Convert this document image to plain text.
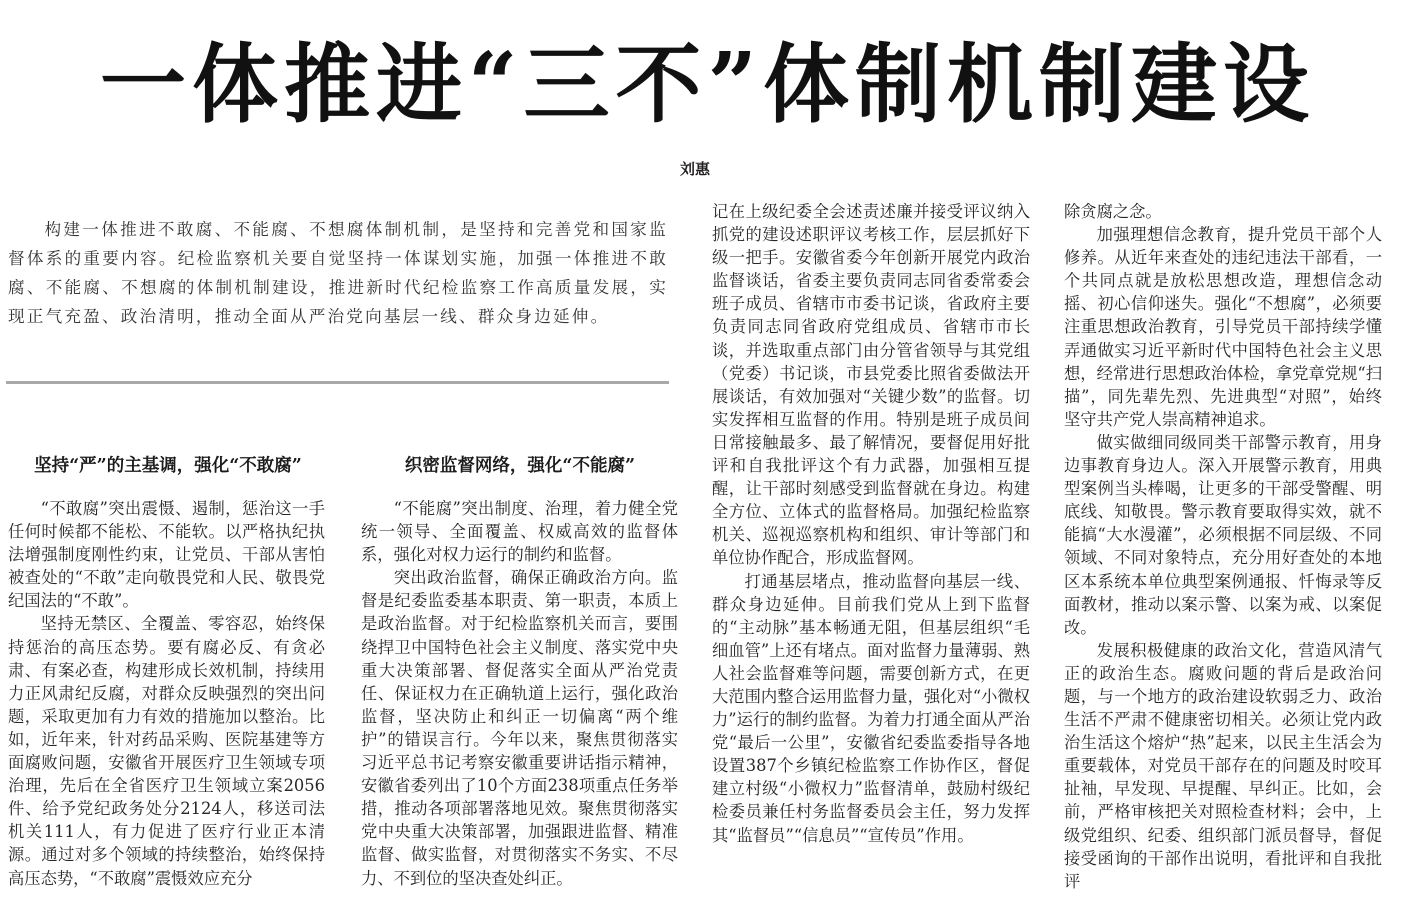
一体推进“三不”体制机制建设
刘惠

构建一体推进不敢腐、不能腐、不想腐体制机制，是坚持和完善党和国家监督体系的重要内容。纪检监察机关要自觉坚持一体谋划实施，加强一体推进不敢腐、不能腐、不想腐的体制机制建设，推进新时代纪检监察工作高质量发展，实现正气充盈、政治清明，推动全面从严治党向基层一线、群众身边延伸。

坚持“严”的主基调，强化“不敢腐”	织密监督网络，强化“不能腐”

“不敢腐”突出震慑、遏制，惩治这一手任何时候都不能松、不能软。以严格执纪执法增强制度刚性约束，让党员、干部从害怕被查处的“不敢”走向敬畏党和人民、敬畏党纪国法的“不敢”。

坚持无禁区、全覆盖、零容忍，始终保持惩治的高压态势。要有腐必反、有贪必肃、有案必查，构建形成长效机制，持续用力正风肃纪反腐，对群众反映强烈的突出问题，采取更加有力有效的措施加以整治。比如，近年来，针对药品采购、医院基建等方面腐败问题，安徽省开展医疗卫生领域专项治理，先后在全省医疗卫生领域立案2056件、给予党纪政务处分2124人，移送司法机关111人，有力促进了医疗行业正本清源。通过对多个领域的持续整治，始终保持高压态势，“不敢腐”震慑效应充分

“不能腐”突出制度、治理，着力健全党统一领导、全面覆盖、权威高效的监督体系，强化对权力运行的制约和监督。

突出政治监督，确保正确政治方向。监督是纪委监委基本职责、第一职责，本质上是政治监督。对于纪检监察机关而言，要围绕捍卫中国特色社会主义制度、落实党中央重大决策部署、督促落实全面从严治党责任、保证权力在正确轨道上运行，强化政治监督，坚决防止和纠正一切偏离“两个维护”的错误言行。今年以来，聚焦贯彻落实习近平总书记考察安徽重要讲话指示精神，安徽省委列出了10个方面238项重点任务举措，推动各项部署落地见效。聚焦贯彻落实党中央重大决策部署，加强跟进监督、精准监督、做实监督，对贯彻落实不务实、不尽力、不到位的坚决查处纠正。

记在上级纪委全会述责述廉并接受评议纳入抓党的建设述职评议考核工作，层层抓好下级一把手。安徽省委今年创新开展党内政治监督谈话，省委主要负责同志同省委常委会班子成员、省辖市市委书记谈，省政府主要负责同志同省政府党组成员、省辖市市长谈，并选取重点部门由分管省领导与其党组（党委）书记谈，市县党委比照省委做法开展谈话，有效加强对“关键少数”的监督。切实发挥相互监督的作用。特别是班子成员间日常接触最多、最了解情况，要督促用好批评和自我批评这个有力武器，加强相互提醒，让干部时刻感受到监督就在身边。构建全方位、立体式的监督格局。加强纪检监察机关、巡视巡察机构和组织、审计等部门和单位协作配合，形成监督网。

打通基层堵点，推动监督向基层一线、群众身边延伸。目前我们党从上到下监督的“主动脉”基本畅通无阻，但基层组织“毛细血管”上还有堵点。面对监督力量薄弱、熟人社会监督难等问题，需要创新方式，在更大范围内整合运用监督力量，强化对“小微权力”运行的制约监督。为着力打通全面从严治党“最后一公里”，安徽省纪委监委指导各地设置387个乡镇纪检监察工作协作区，督促建立村级“小微权力”监督清单，鼓励村级纪检委员兼任村务监督委员会主任，努力发挥其“监督员”“信息员”“宣传员”作用。

除贪腐之念。

加强理想信念教育，提升党员干部个人修养。从近年来查处的违纪违法干部看，一个共同点就是放松思想改造，理想信念动摇、初心信仰迷失。强化“不想腐”，必须要注重思想政治教育，引导党员干部持续学懂弄通做实习近平新时代中国特色社会主义思想，经常进行思想政治体检，拿党章党规“扫描”，同先辈先烈、先进典型“对照”，始终坚守共产党人崇高精神追求。

做实做细同级同类干部警示教育，用身边事教育身边人。深入开展警示教育，用典型案例当头棒喝，让更多的干部受警醒、明底线、知敬畏。警示教育要取得实效，就不能搞“大水漫灌”，必须根据不同层级、不同领域、不同对象特点，充分用好查处的本地区本系统本单位典型案例通报、忏悔录等反面教材，推动以案示警、以案为戒、以案促改。

发展积极健康的政治文化，营造风清气正的政治生态。腐败问题的背后是政治问题，与一个地方的政治建设软弱乏力、政治生活不严肃不健康密切相关。必须让党内政治生活这个熔炉“热”起来，以民主生活会为重要载体，对党员干部存在的问题及时咬耳扯袖，早发现、早提醒、早纠正。比如，会前，严格审核把关对照检查材料；会中，上级党组织、纪委、组织部门派员督导，督促接受函询的干部作出说明，看批评和自我批评
